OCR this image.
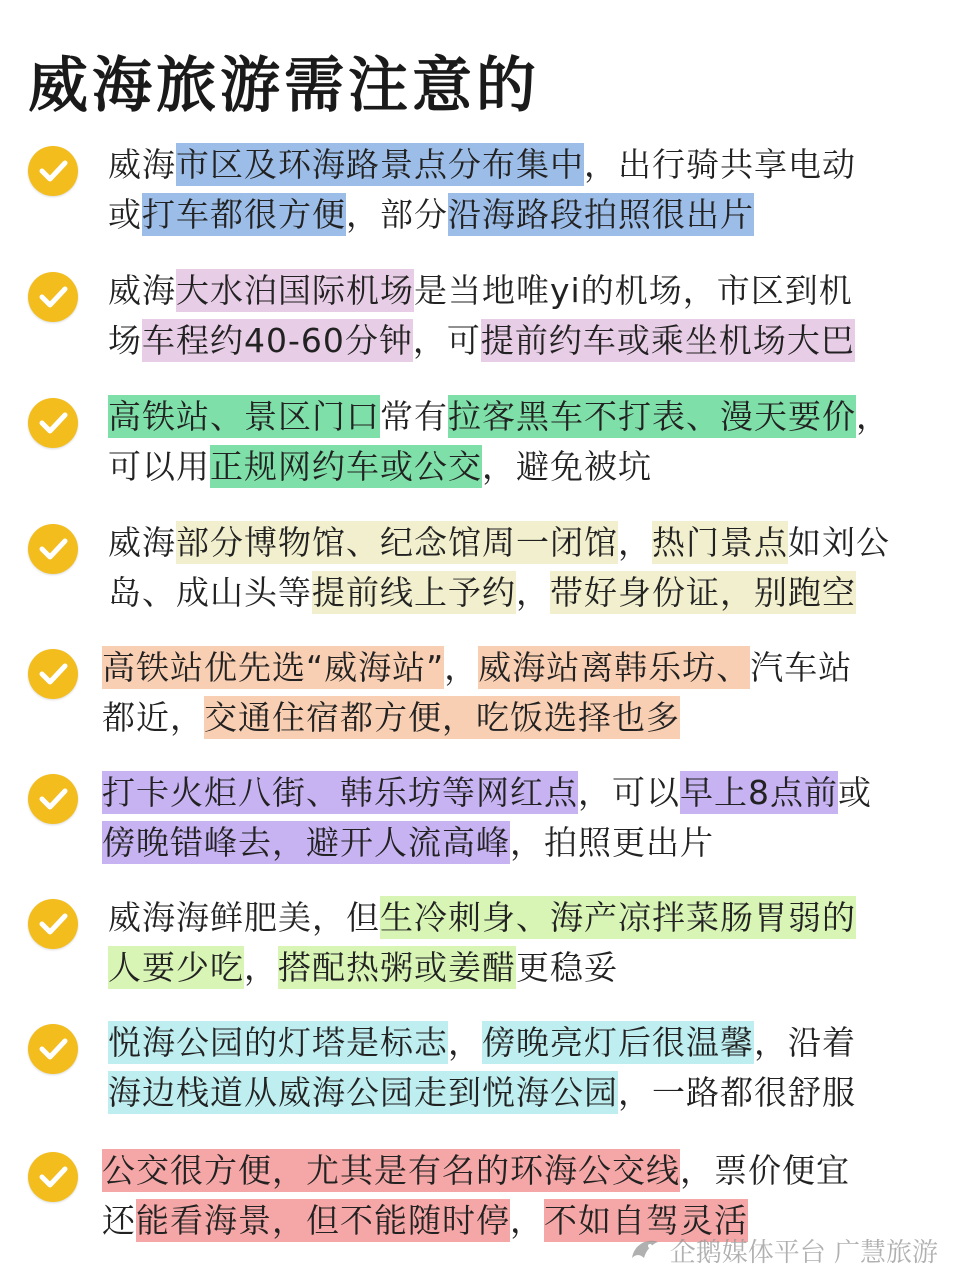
威海旅游需注意的
威海市区及环海路景点分布集中，出行骑共享电动
或打车都很方便，部分沿海路段拍照很出片
威海大水泊国际机场是当地唯yi的机场，市区到机
场车程约40-60分钟，可提前约车或乘坐机场大巴
高铁站、景区门口常有拉客黑车不打表、漫天要价，
可以用正规网约车或公交，避免被坑
威海部分博物馆、纪念馆周一闭馆，热门景点如刘公
岛、成山头等提前线上予约，带好身份证，别跑空
高铁站优先选“威海站”，威海站离韩乐坊、汽车站
都近，交通住宿都方便，吃饭选择也多
打卡火炬八街、韩乐坊等网红点，可以早上8点前或
傍晚错峰去，避开人流高峰，拍照更出片
威海海鲜肥美，但生冷刺身、海产凉拌菜肠胃弱的
人要少吃，搭配热粥或姜醋更稳妥
悦海公园的灯塔是标志，傍晚亮灯后很温馨，沿着
海边栈道从威海公园走到悦海公园，一路都很舒服
公交很方便，尤其是有名的环海公交线，票价便宜
还能看海景，但不能随时停，不如自驾灵活
企鹅媒体平台 广慧旅游
